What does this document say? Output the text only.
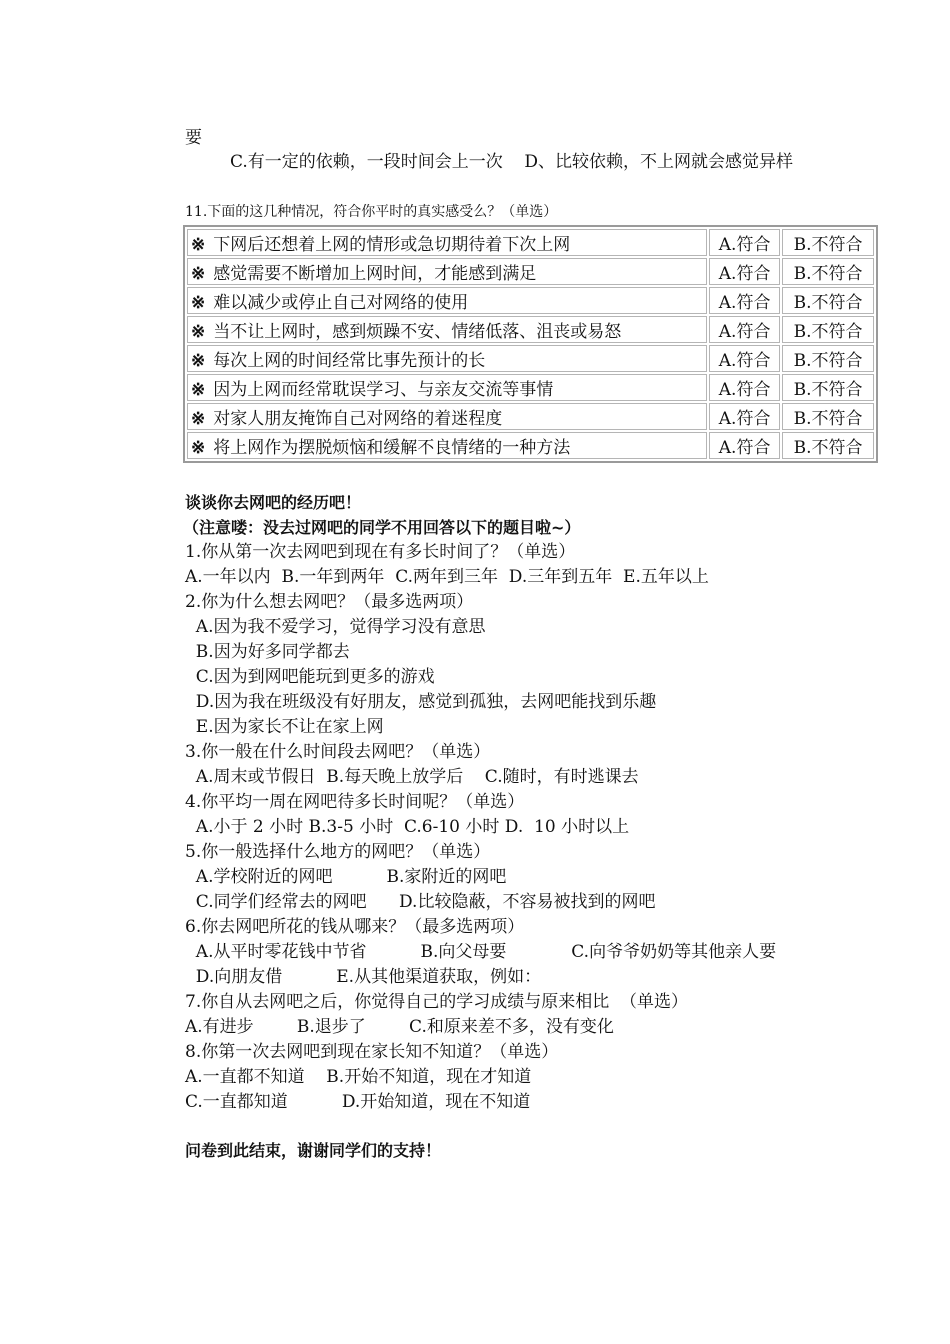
要
C.有一定的依赖，一段时间会上一次    D、比较依赖，不上网就会感觉异样
11.下面的这几种情况，符合你平时的真实感受么？（单选）
※ 下网后还想着上网的情形或急切期待着下次上网	A.符合	B.不符合
※ 感觉需要不断增加上网时间，才能感到满足	A.符合	B.不符合
※ 难以减少或停止自己对网络的使用	A.符合	B.不符合
※ 当不让上网时，感到烦躁不安、情绪低落、沮丧或易怒	A.符合	B.不符合
※ 每次上网的时间经常比事先预计的长	A.符合	B.不符合
※ 因为上网而经常耽误学习、与亲友交流等事情	A.符合	B.不符合
※ 对家人朋友掩饰自己对网络的着迷程度	A.符合	B.不符合
※ 将上网作为摆脱烦恼和缓解不良情绪的一种方法	A.符合	B.不符合
谈谈你去网吧的经历吧！
（注意喽：没去过网吧的同学不用回答以下的题目啦~）
1.你从第一次去网吧到现在有多长时间了？（单选）
A.一年以内  B.一年到两年  C.两年到三年  D.三年到五年  E.五年以上
2.你为什么想去网吧？（最多选两项）
A.因为我不爱学习，觉得学习没有意思
B.因为好多同学都去
C.因为到网吧能玩到更多的游戏
D.因为我在班级没有好朋友，感觉到孤独，去网吧能找到乐趣
E.因为家长不让在家上网
3.你一般在什么时间段去网吧？（单选）
A.周末或节假日  B.每天晚上放学后    C.随时，有时逃课去
4.你平均一周在网吧待多长时间呢？（单选）
A.小于 2 小时 B.3-5 小时  C.6-10 小时 D.  10 小时以上
5.你一般选择什么地方的网吧？（单选）
A.学校附近的网吧          B.家附近的网吧
C.同学们经常去的网吧      D.比较隐蔽，不容易被找到的网吧
6.你去网吧所花的钱从哪来？（最多选两项）
A.从平时零花钱中节省          B.向父母要            C.向爷爷奶奶等其他亲人要
D.向朋友借          E.从其他渠道获取，例如：
7.你自从去网吧之后，你觉得自己的学习成绩与原来相比  （单选）
A.有进步        B.退步了        C.和原来差不多，没有变化
8.你第一次去网吧到现在家长知不知道？（单选）
A.一直都不知道    B.开始不知道，现在才知道
C.一直都知道          D.开始知道，现在不知道
问卷到此结束，谢谢同学们的支持！
